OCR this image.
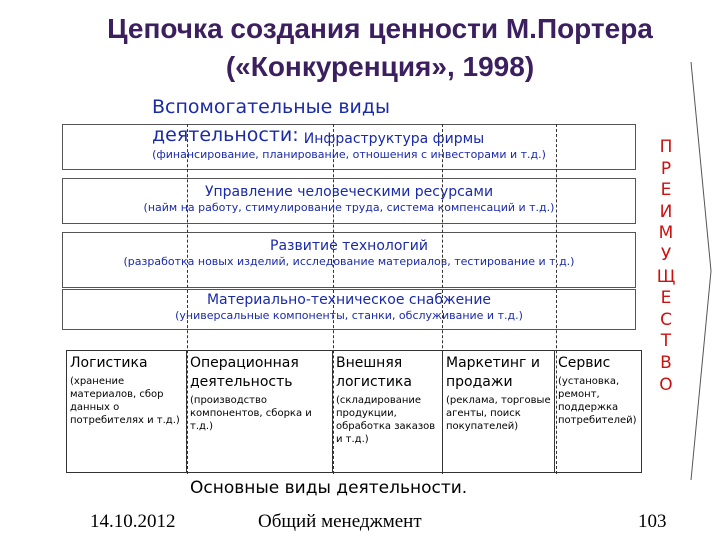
Цепочка создания ценности М.Портера
(«Конкуренция», 1998)
Инфраструктура фирмы
(финансирование, планирование, отношения с инвесторами и т.д.)
Управление человеческими ресурсами
(найм на работу, стимулирование труда, система компенсаций и т.д.)
Развитие технологий
(разработка новых изделий, исследование материалов, тестирование и т.д.)
Материально-техническое снабжение
(универсальные компоненты, станки, обслуживание и т.д.)
Вспомогательные виды
деятельности:
Логистика
(хранение материалов, сбор данных о потребителях и т.д.)
Операционная деятельность
(производство компонентов, сборка и т.д.)
Внешняя логистика
(складирование продукции, обработка заказов и т.д.)
Маркетинг и продажи
(реклама, торговые агенты, поиск покупателей)
Сервис
(установка, ремонт, поддержка потребителей)
Основные виды деятельности.
П
Р
Е
И
М
У
Щ
Е
С
Т
В
О
14.10.2012	Общий менеджмент	103
